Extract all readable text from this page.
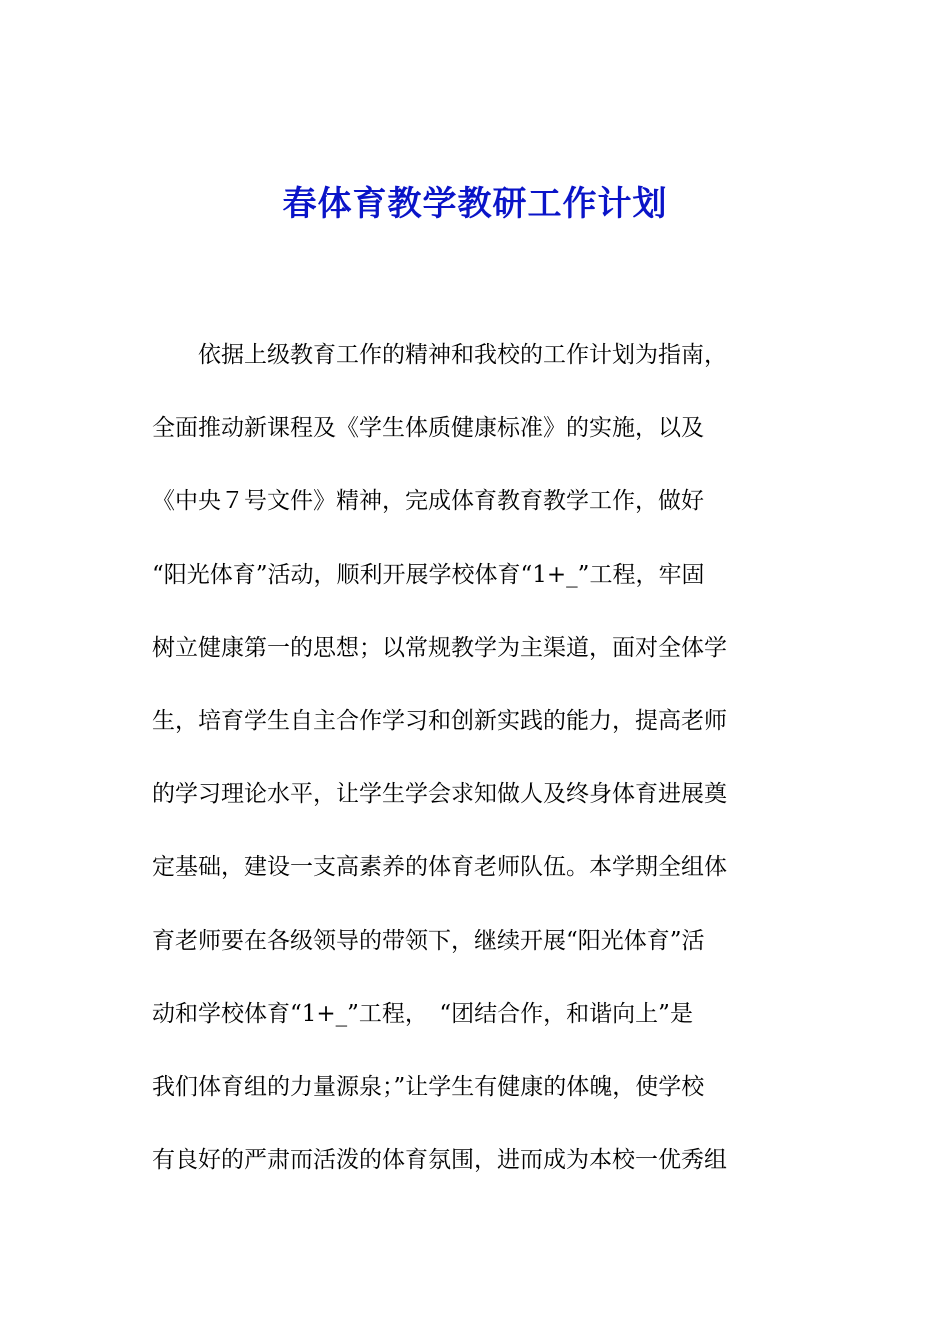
春体育教学教研工作计划
　　依据上级教育工作的精神和我校的工作计划为指南，
全面推动新课程及《学生体质健康标准》的实施，以及
《中央７号文件》精神，完成体育教育教学工作，做好
“阳光体育”活动，顺利开展学校体育“1+_”工程，牢固
树立健康第一的思想；以常规教学为主渠道，面对全体学
生，培育学生自主合作学习和创新实践的能力，提高老师
的学习理论水平，让学生学会求知做人及终身体育进展奠
定基础，建设一支高素养的体育老师队伍。本学期全组体
育老师要在各级领导的带领下，继续开展“阳光体育”活
动和学校体育“1+_”工程，　“团结合作，和谐向上”是
我们体育组的力量源泉；”让学生有健康的体魄，使学校
有良好的严肃而活泼的体育氛围，进而成为本校一优秀组
